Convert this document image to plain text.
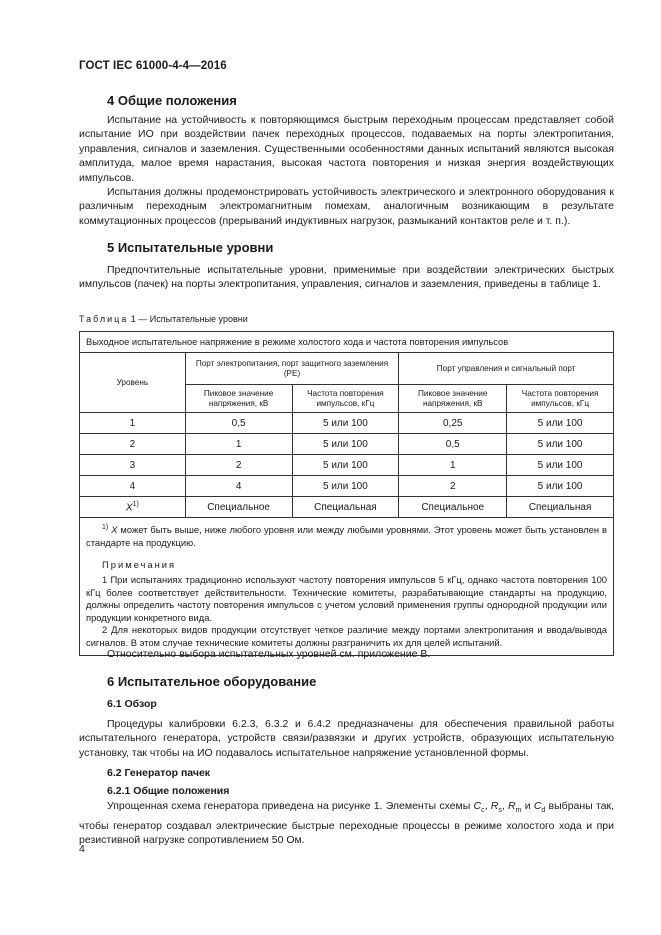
ГОСТ IEC 61000-4-4—2016
4 Общие положения

Испытание на устойчивость к повторяющимся быстрым переходным процессам представляет собой испытание ИО при воздействии пачек переходных процессов, подаваемых на порты электропитания, управления, сигналов и заземления. Существенными особенностями данных испытаний являются высокая амплитуда, малое время нарастания, высокая частота повторения и низкая энергия воздействующих импульсов.

Испытания должны продемонстрировать устойчивость электрического и электронного оборудования к различным переходным электромагнитным помехам, аналогичным возникающим в результате коммутационных процессов (прерываний индуктивных нагрузок, размыканий контактов реле и т. п.).

5 Испытательные уровни

Предпочтительные испытательные уровни, применимые при воздействии электрических быстрых импульсов (пачек) на порты электропитания, управления, сигналов и заземления, приведены в таблице 1.

Таблица 1 — Испытательные уровни
Выходное испытательное напряжение в режиме холостого хода и частота повторения импульсов				
Уровень	Порт электропитания, порт защитного заземления (РЕ)		Порт управления и сигнальный порт	
	Пиковое значение напряжения, кВ	Частота повторения импульсов, кГц	Пиковое значение напряжения, кВ	Частота повторения импульсов, кГц
1	0,5	5 или 100	0,25	5 или 100
2	1	5 или 100	0,5	5 или 100
3	2	5 или 100	1	5 или 100
4	4	5 или 100	2	5 или 100
$X^{1)}$	Специальное	Специальная	Специальное	Специальная

$^{1)}$ X может быть выше, ниже любого уровня или между любыми уровнями. Этот уровень может быть установлен в стандарте на продукцию.

Примечания

1 При испытаниях традиционно используют частоту повторения импульсов 5 кГц, однако частота повторения 100 кГц более соответствует действительности. Технические комитеты, разрабатывающие стандарты на продукцию, должны определить частоту повторения импульсов с учетом условий применения группы однородной продукции или продукции конкретного вида.

2 Для некоторых видов продукции отсутствует четкое различие между портами электропитания и ввода/вывода сигналов. В этом случае технические комитеты должны разграничить их для целей испытаний.				

Относительно выбора испытательных уровней см. приложение В.

6 Испытательное оборудование
6.1 Обзор

Процедуры калибровки 6.2.3, 6.3.2 и 6.4.2 предназначены для обеспечения правильной работы испытательного генератора, устройств связи/развязки и других устройств, образующих испытательную установку, так чтобы на ИО подавалось испытательное напряжение установленной формы.

6.2 Генератор пачек
6.2.1 Общие положения

Упрощенная схема генератора приведена на рисунке 1. Элементы схемы $C_c$, $R_s$, $R_m$ и $C_d$ выбраны так, чтобы генератор создавал электрические быстрые переходные процессы в режиме холостого хода и при резистивной нагрузке сопротивлением 50 Ом.

4
